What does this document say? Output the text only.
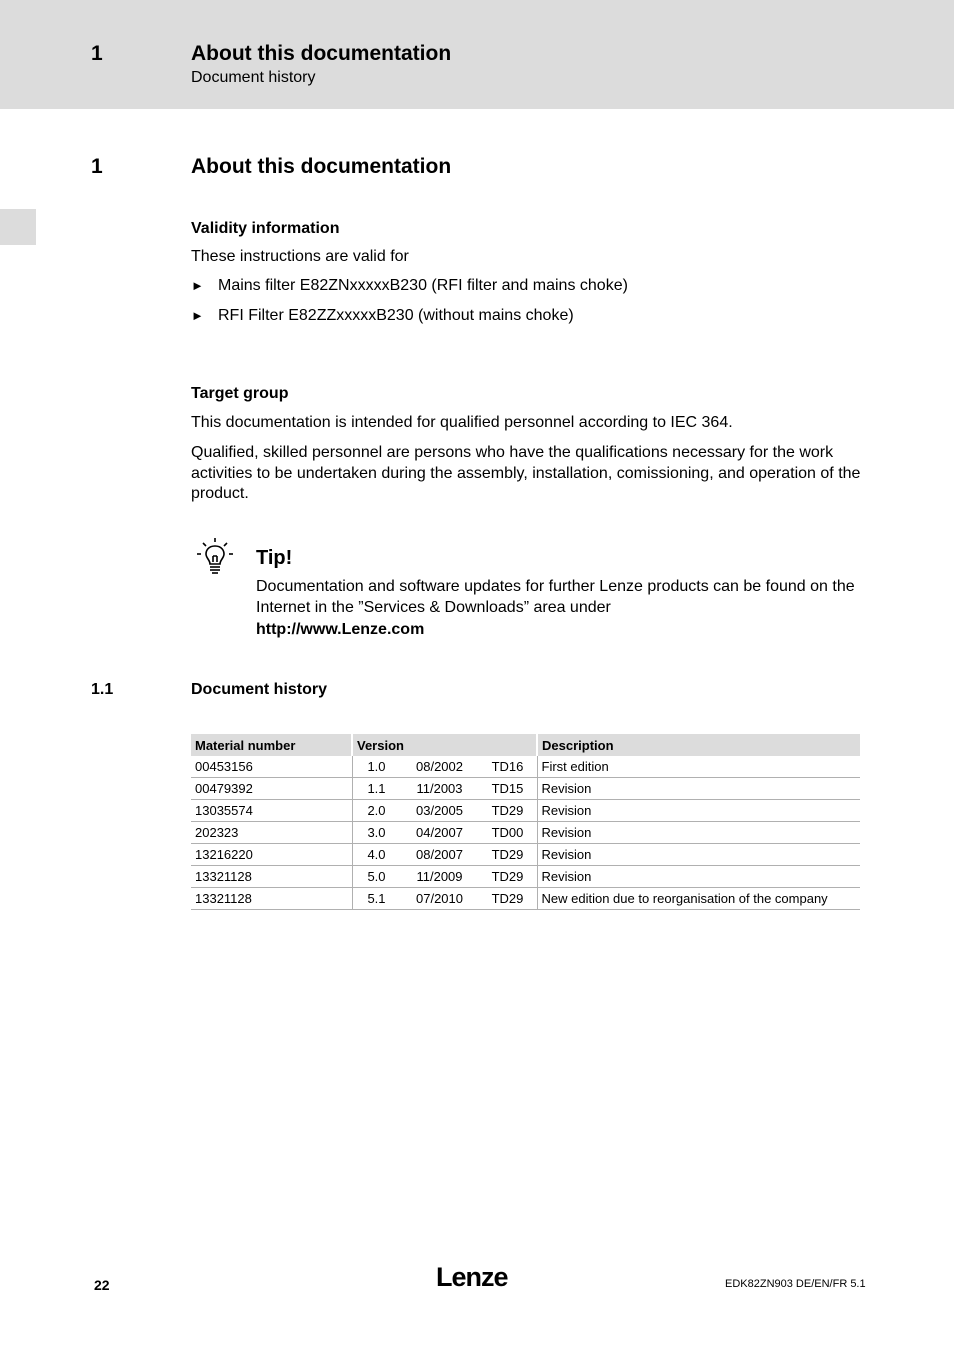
1	About this documentation
Document history
1	About this documentation
Validity information
These instructions are valid for
► Mains filter E82ZNxxxxxB230 (RFI filter and mains choke)
► RFI Filter E82ZZxxxxxB230 (without mains choke)
Target group
This documentation is intended for qualified personnel according to IEC 364.
Qualified, skilled personnel are persons who have the qualifications necessary for the work activities to be undertaken during the assembly, installation, comissioning, and operation of the product.
Tip!
Documentation and software updates for further Lenze products can be found on the Internet in the ”Services & Downloads” area under
http://www.Lenze.com
1.1	Document history
Material number	Version			Description
00453156	1.0	08/2002	TD16	First edition
00479392	1.1	11/2003	TD15	Revision
13035574	2.0	03/2005	TD29	Revision
202323	3.0	04/2007	TD00	Revision
13216220	4.0	08/2007	TD29	Revision
13321128	5.0	11/2009	TD29	Revision
13321128	5.1	07/2010	TD29	New edition due to reorganisation of the company
22	Lenze	EDK82ZN903 DE/EN/FR 5.1
